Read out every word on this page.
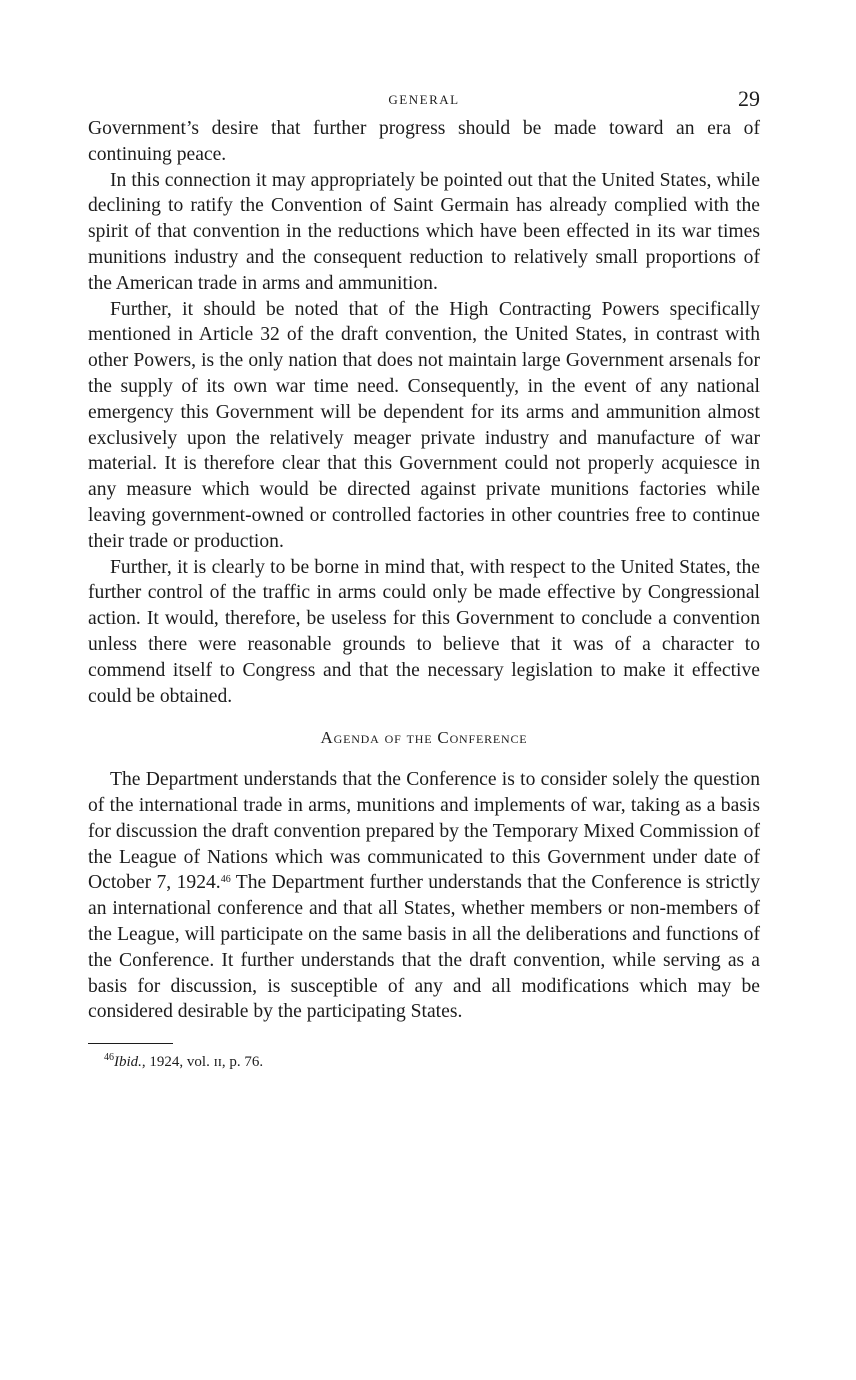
GENERAL	29

Government’s desire that further progress should be made toward an era of continuing peace.

In this connection it may appropriately be pointed out that the United States, while declining to ratify the Convention of Saint Germain has already complied with the spirit of that convention in the reductions which have been effected in its war times munitions industry and the consequent reduction to relatively small proportions of the American trade in arms and ammunition.

Further, it should be noted that of the High Contracting Powers specifically mentioned in Article 32 of the draft convention, the United States, in contrast with other Powers, is the only nation that does not maintain large Government arsenals for the supply of its own war time need. Consequently, in the event of any national emergency this Government will be dependent for its arms and ammunition almost exclusively upon the relatively meager private industry and manufacture of war material. It is therefore clear that this Government could not properly acquiesce in any measure which would be directed against private munitions factories while leaving government-owned or controlled factories in other countries free to continue their trade or production.

Further, it is clearly to be borne in mind that, with respect to the United States, the further control of the traffic in arms could only be made effective by Congressional action. It would, therefore, be useless for this Government to conclude a convention unless there were reasonable grounds to believe that it was of a character to commend itself to Congress and that the necessary legislation to make it effective could be obtained.

Agenda of the Conference

The Department understands that the Conference is to consider solely the question of the international trade in arms, munitions and implements of war, taking as a basis for discussion the draft convention prepared by the Temporary Mixed Commission of the League of Nations which was communicated to this Government under date of October 7, 1924.46 The Department further understands that the Conference is strictly an international conference and that all States, whether members or non-members of the League, will participate on the same basis in all the deliberations and functions of the Conference. It further understands that the draft convention, while serving as a basis for discussion, is susceptible of any and all modifications which may be considered desirable by the participating States.

$^{46}$Ibid., 1924, vol. ɪɪ, p. 76.
